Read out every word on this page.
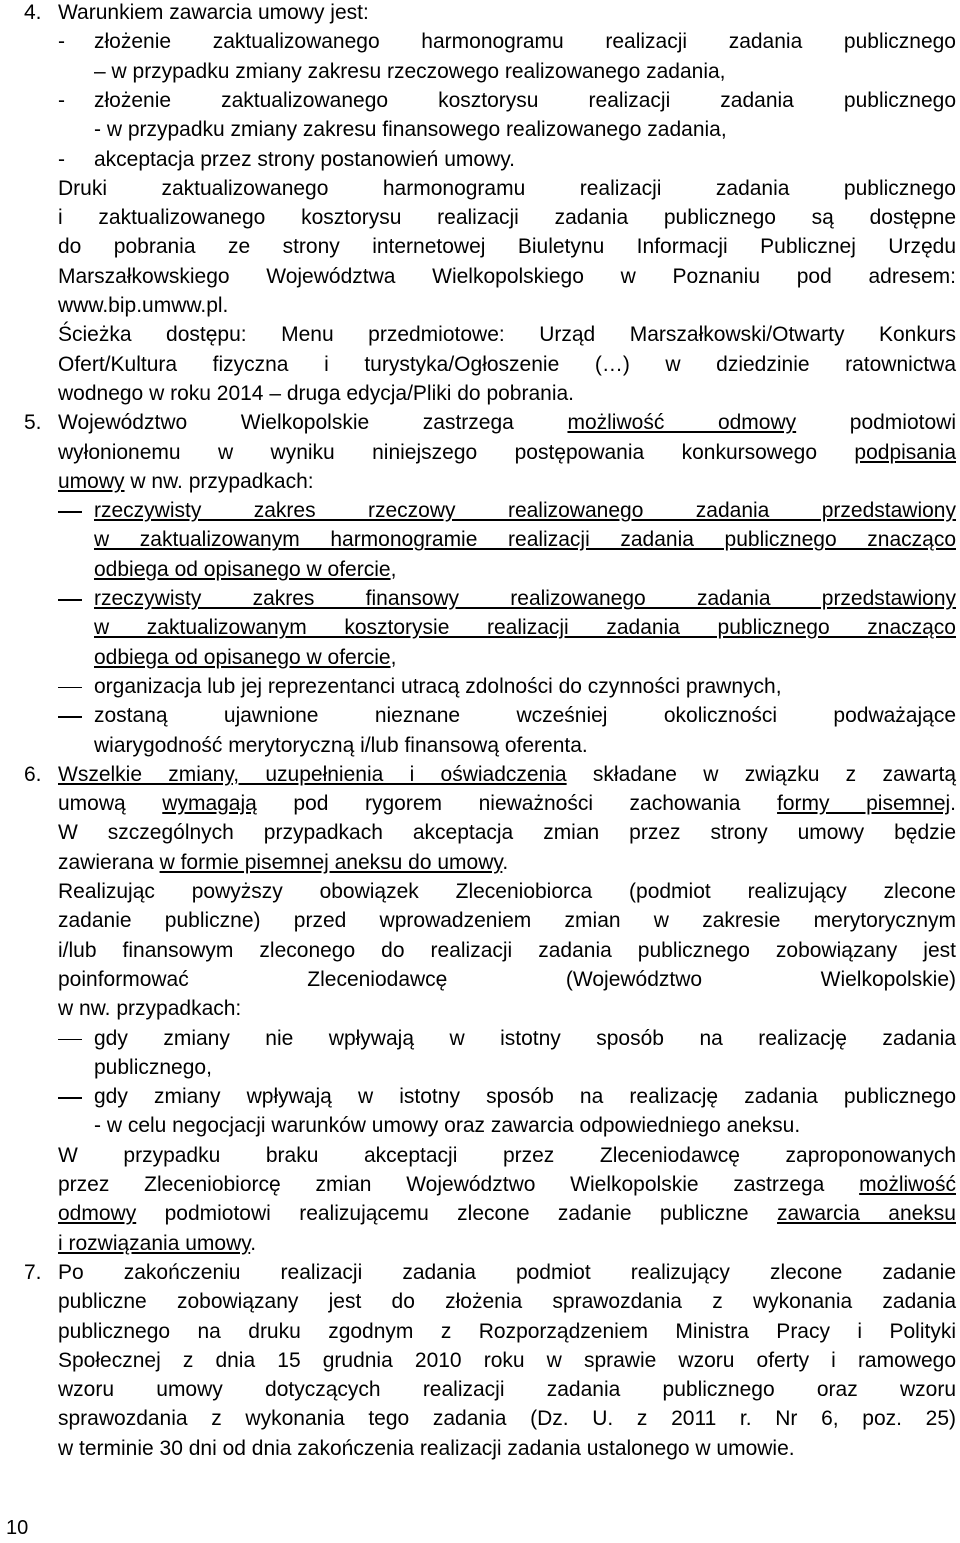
4. Warunkiem zawarcia umowy jest:
- złożenie zaktualizowanego harmonogramu realizacji zadania publicznego
– w przypadku zmiany zakresu rzeczowego realizowanego zadania,
- złożenie zaktualizowanego kosztorysu realizacji zadania publicznego
- w przypadku zmiany zakresu finansowego realizowanego zadania,
- akceptacja przez strony postanowień umowy.
Druki zaktualizowanego harmonogramu realizacji zadania publicznego
i zaktualizowanego kosztorysu realizacji zadania publicznego są dostępne
do pobrania ze strony internetowej Biuletynu Informacji Publicznej Urzędu
Marszałkowskiego Województwa Wielkopolskiego w Poznaniu pod adresem:
www.bip.umww.pl.
Ścieżka dostępu: Menu przedmiotowe: Urząd Marszałkowski/Otwarty Konkurs
Ofert/Kultura fizyczna i turystyka/Ogłoszenie (…) w dziedzinie ratownictwa
wodnego w roku 2014 – druga edycja/Pliki do pobrania.
5. Województwo Wielkopolskie zastrzega możliwość odmowy podmiotowi
wyłonionemu w wyniku niniejszego postępowania konkursowego podpisania
umowy w nw. przypadkach:
rzeczywisty zakres rzeczowy realizowanego zadania przedstawiony
w zaktualizowanym harmonogramie realizacji zadania publicznego znacząco
odbiega od opisanego w ofercie,
rzeczywisty zakres finansowy realizowanego zadania przedstawiony
w zaktualizowanym kosztorysie realizacji zadania publicznego znacząco
odbiega od opisanego w ofercie,
organizacja lub jej reprezentanci utracą zdolności do czynności prawnych,
zostaną ujawnione nieznane wcześniej okoliczności podważające
wiarygodność merytoryczną i/lub finansową oferenta.
6. Wszelkie zmiany, uzupełnienia i oświadczenia składane w związku z zawartą
umową wymagają pod rygorem nieważności zachowania formy pisemnej.
W szczególnych przypadkach akceptacja zmian przez strony umowy będzie
zawierana w formie pisemnej aneksu do umowy.
Realizując powyższy obowiązek Zleceniobiorca (podmiot realizujący zlecone
zadanie publiczne) przed wprowadzeniem zmian w zakresie merytorycznym
i/lub finansowym zleconego do realizacji zadania publicznego zobowiązany jest
poinformować Zleceniodawcę (Województwo Wielkopolskie)
w nw. przypadkach:
gdy zmiany nie wpływają w istotny sposób na realizację zadania
publicznego,
gdy zmiany wpływają w istotny sposób na realizację zadania publicznego
- w celu negocjacji warunków umowy oraz zawarcia odpowiedniego aneksu.
W przypadku braku akceptacji przez Zleceniodawcę zaproponowanych
przez Zleceniobiorcę zmian Województwo Wielkopolskie zastrzega możliwość
odmowy podmiotowi realizującemu zlecone zadanie publiczne zawarcia aneksu
i rozwiązania umowy.
7. Po zakończeniu realizacji zadania podmiot realizujący zlecone zadanie
publiczne zobowiązany jest do złożenia sprawozdania z wykonania zadania
publicznego na druku zgodnym z Rozporządzeniem Ministra Pracy i Polityki
Społecznej z dnia 15 grudnia 2010 roku w sprawie wzoru oferty i ramowego
wzoru umowy dotyczących realizacji zadania publicznego oraz wzoru
sprawozdania z wykonania tego zadania (Dz. U. z 2011 r. Nr 6, poz. 25)
w terminie 30 dni od dnia zakończenia realizacji zadania ustalonego w umowie.
10
